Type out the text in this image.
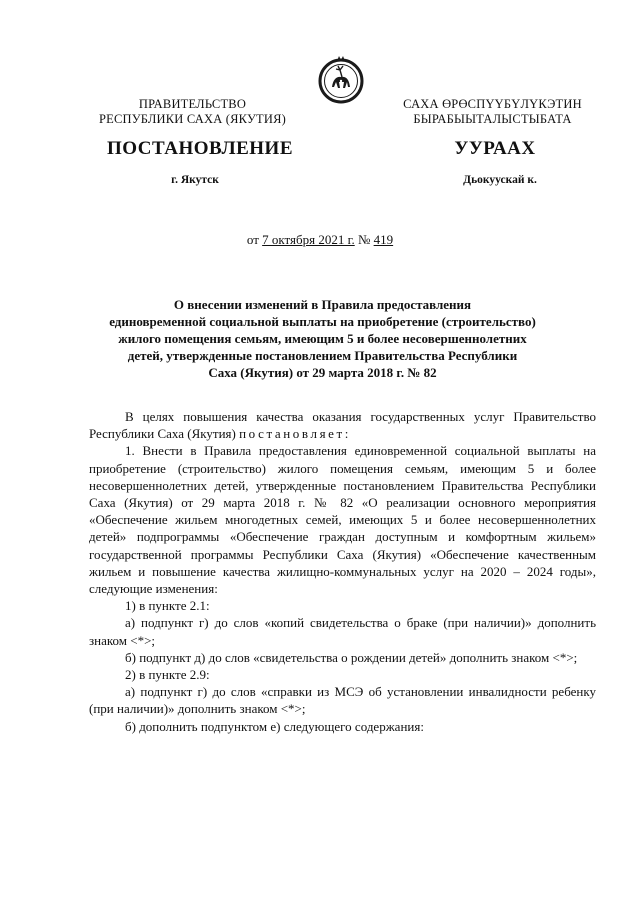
ПРАВИТЕЛЬСТВО
РЕСПУБЛИКИ САХА (ЯКУТИЯ)
САХА ӨРӨСПҮҮБҮЛҮКЭТИН
БЫРАБЫЫТАЛЫСТЫБАТА
ПОСТАНОВЛЕНИЕ	УУРААХ
г. Якутск	Дьокуускай к.
от 7 октября 2021 г. № 419
О внесении изменений в Правила предоставления
единовременной социальной выплаты на приобретение (строительство)
жилого помещения семьям, имеющим 5 и более несовершеннолетних
детей, утвержденные постановлением Правительства Республики
Саха (Якутия) от 29 марта 2018 г. № 82

В целях повышения качества оказания государственных услуг Правительство Республики Саха (Якутия) постановляет:

1. Внести в Правила предоставления единовременной социальной выплаты на приобретение (строительство) жилого помещения семьям, имеющим 5 и более несовершеннолетних детей, утвержденные постановлением Правительства Республики Саха (Якутия) от 29 марта 2018 г. № 82 «О реализации основного мероприятия «Обеспечение жильем многодетных семей, имеющих 5 и более несовершеннолетних детей» подпрограммы «Обеспечение граждан доступным и комфортным жильем» государственной программы Республики Саха (Якутия) «Обеспечение качественным жильем и повышение качества жилищно-коммунальных услуг на 2020 – 2024 годы», следующие изменения:

1) в пункте 2.1:

а) подпункт г) до слов «копий свидетельства о браке (при наличии)» дополнить знаком <*>;

б) подпункт д) до слов «свидетельства о рождении детей» дополнить знаком <*>;

2) в пункте 2.9:

а) подпункт г) до слов «справки из МСЭ об установлении инвалидности ребенку (при наличии)» дополнить знаком <*>;

б) дополнить подпунктом е) следующего содержания:
